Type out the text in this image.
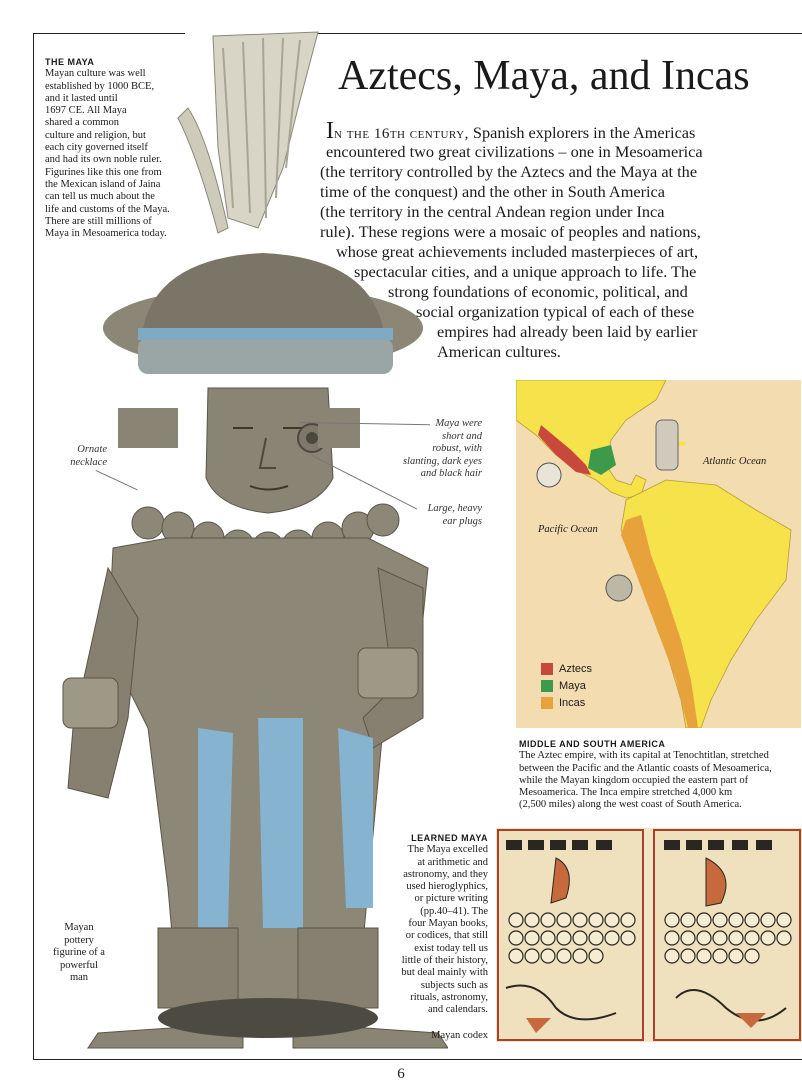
THE MAYA
Mayan culture was well
established by 1000 BCE,
and it lasted until
1697 CE. All Maya
shared a common
culture and religion, but
each city governed itself
and had its own noble ruler.
Figurines like this one from
the Mexican island of Jaina
can tell us much about the
life and customs of the Maya.
There are still millions of
Maya in Mesoamerica today.
Aztecs, Maya, and Incas
In the 16th century, Spanish explorers in the Americas
encountered two great civilizations – one in Mesoamerica
(the territory controlled by the Aztecs and the Maya at the
time of the conquest) and the other in South America
(the territory in the central Andean region under Inca
rule). These regions were a mosaic of peoples and nations,
whose great achievements included masterpieces of art,
spectacular cities, and a unique approach to life. The
strong foundations of economic, political, and
social organization typical of each of these
empires had already been laid by earlier
American cultures.
Maya were
short and
robust, with
slanting, dark eyes
and black hair
Large, heavy
ear plugs
Ornate
necklace
Mayan
pottery
figurine of a
powerful
man
Atlantic Ocean
Pacific Ocean
Aztecs
Maya
Incas
MIDDLE AND SOUTH AMERICA
The Aztec empire, with its capital at Tenochtitlan, stretched
between the Pacific and the Atlantic coasts of Mesoamerica,
while the Mayan kingdom occupied the eastern part of
Mesoamerica. The Inca empire stretched 4,000 km
(2,500 miles) along the west coast of South America.
LEARNED MAYA
The Maya excelled
at arithmetic and
astronomy, and they
used hieroglyphics,
or picture writing
(pp.40–41). The
four Mayan books,
or codices, that still
exist today tell us
little of their history,
but deal mainly with
subjects such as
rituals, astronomy,
and calendars.
Mayan codex
6
